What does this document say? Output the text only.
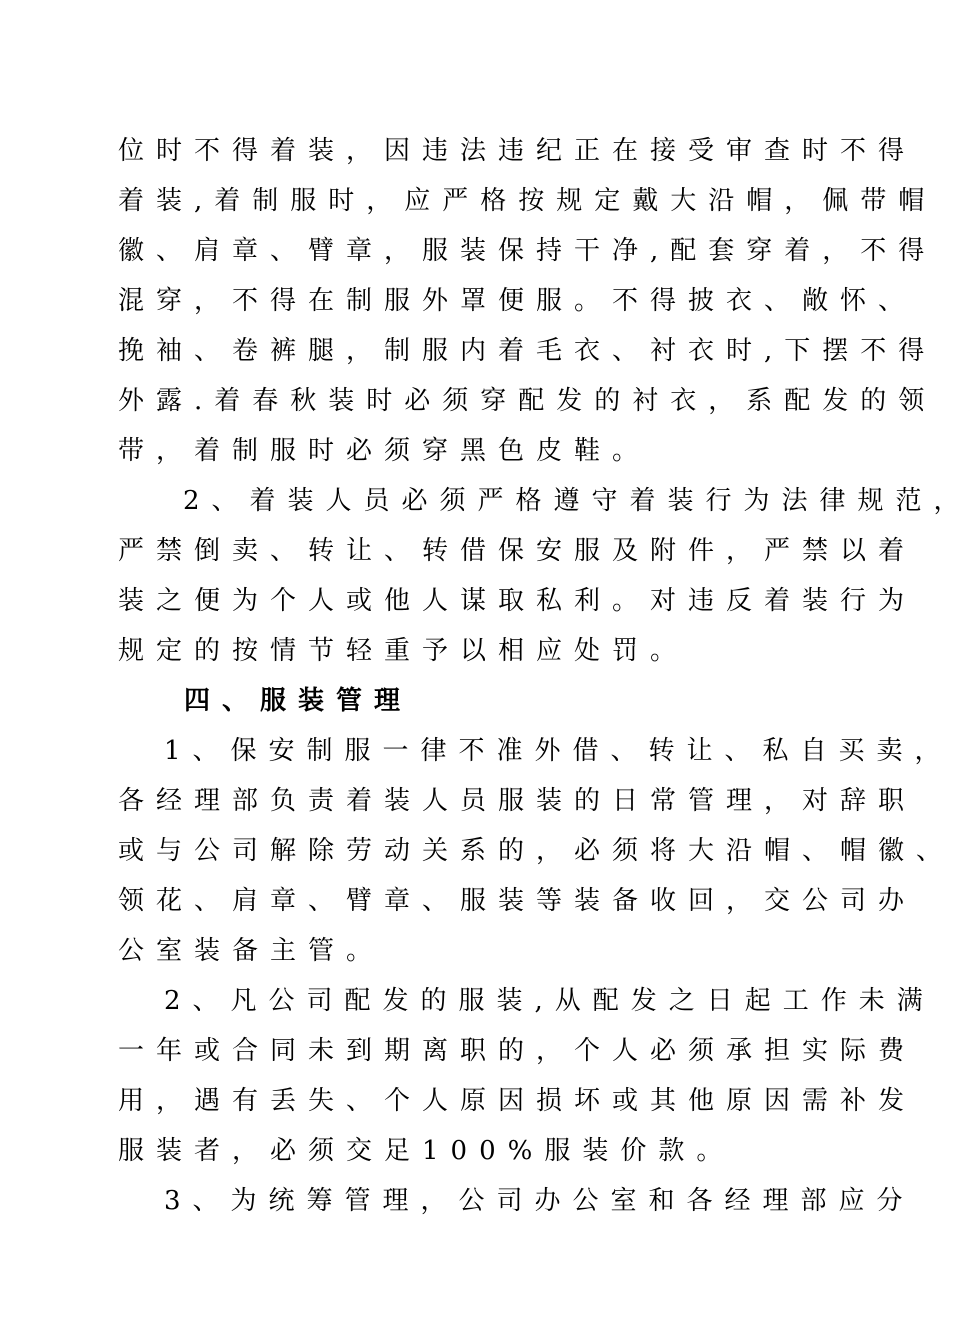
位时不得着装，因违法违纪正在接受审查时不得
着装,着制服时，应严格按规定戴大沿帽，佩带帽
徽、肩章、臂章，服装保持干净,配套穿着，不得
混穿，不得在制服外罩便服。不得披衣、敞怀、
挽袖、卷裤腿，制服内着毛衣、衬衣时,下摆不得
外露.着春秋装时必须穿配发的衬衣，系配发的领
带，着制服时必须穿黑色皮鞋。
2、着装人员必须严格遵守着装行为法律规范，
严禁倒卖、转让、转借保安服及附件，严禁以着
装之便为个人或他人谋取私利。对违反着装行为
规定的按情节轻重予以相应处罚。
四、服装管理
1、保安制服一律不准外借、转让、私自买卖，
各经理部负责着装人员服装的日常管理，对辞职
或与公司解除劳动关系的，必须将大沿帽、帽徽、
领花、肩章、臂章、服装等装备收回，交公司办
公室装备主管。
2、凡公司配发的服装,从配发之日起工作未满
一年或合同未到期离职的，个人必须承担实际费
用，遇有丢失、个人原因损坏或其他原因需补发
服装者，必须交足100%服装价款。
3、为统筹管理，公司办公室和各经理部应分
